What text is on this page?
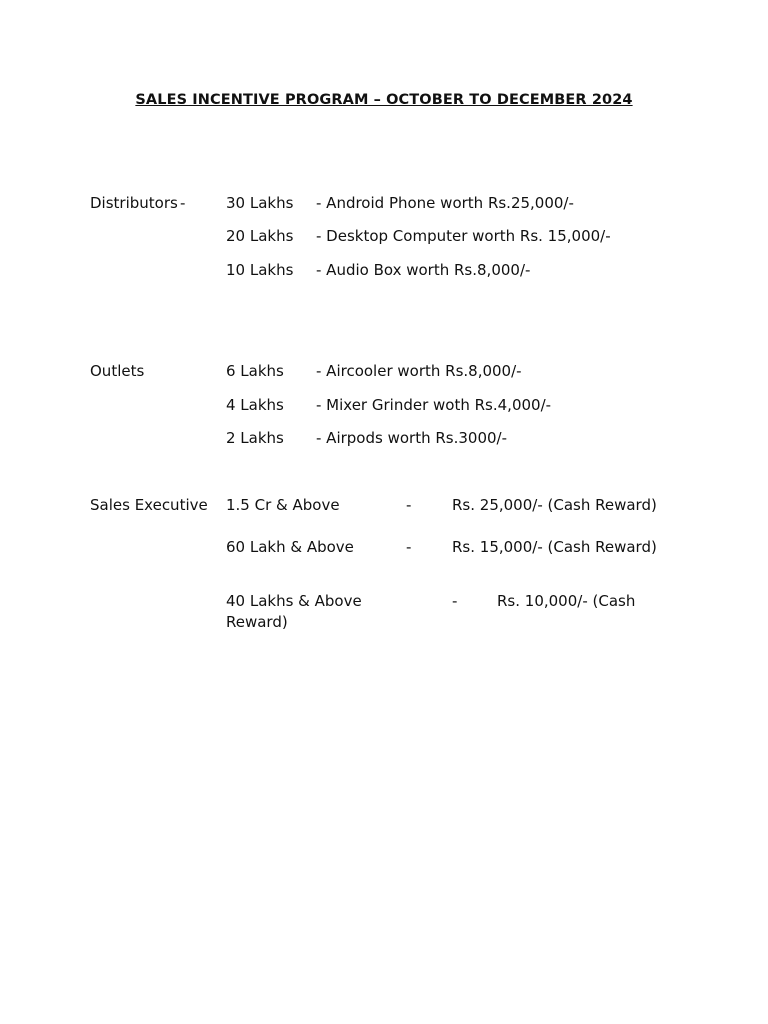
SALES INCENTIVE PROGRAM – OCTOBER TO DECEMBER 2024
Distributors -	30 Lakhs - Android Phone worth Rs.25,000/-
20 Lakhs - Desktop Computer worth Rs. 15,000/-
10 Lakhs - Audio Box worth Rs.8,000/-
Outlets	6 Lakhs - Aircooler worth Rs.8,000/-
4 Lakhs - Mixer Grinder woth Rs.4,000/-
2 Lakhs - Airpods worth Rs.3000/-
Sales Executive 1.5 Cr & Above	-	Rs. 25,000/- (Cash Reward)
60 Lakh & Above	-	Rs. 15,000/- (Cash Reward)
40 Lakhs & Above	-	Rs. 10,000/- (Cash
Reward)
